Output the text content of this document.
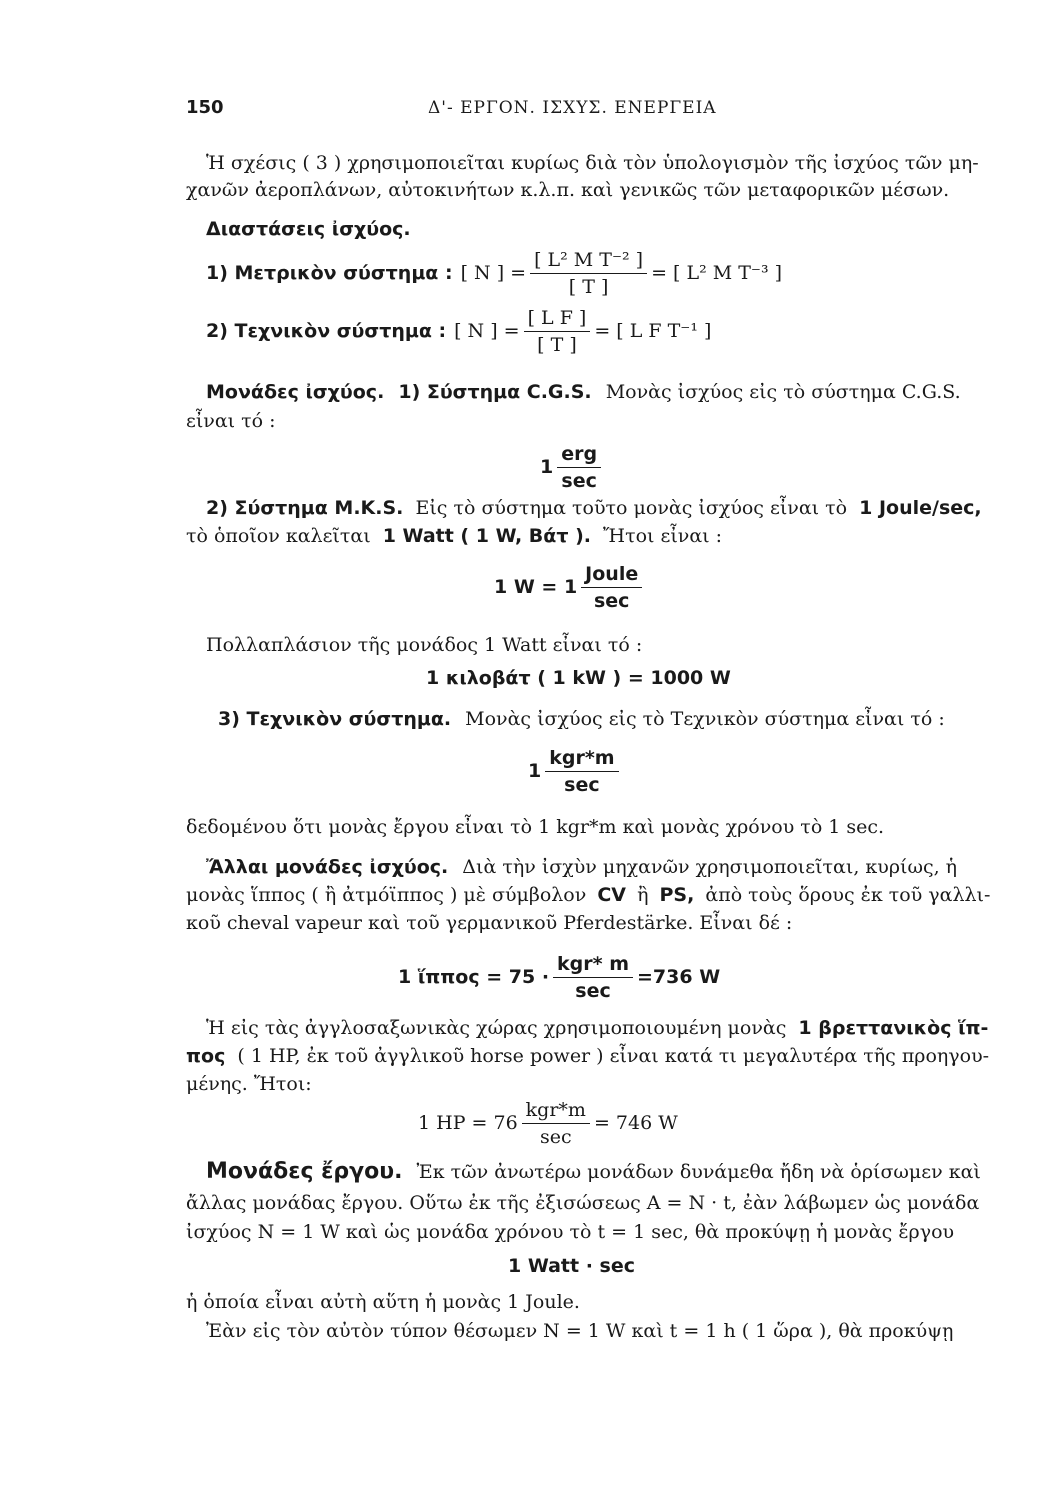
150	Δ'- ΕΡΓΟΝ. ΙΣΧΥΣ. ΕΝΕΡΓΕΙΑ
Ἡ σχέσις ( 3 ) χρησιμοποιεῖται κυρίως διὰ τὸν ὑπολογισμὸν τῆς ἰσχύος τῶν μη-
χανῶν ἀεροπλάνων, αὐτοκινήτων κ.λ.π. καὶ γενικῶς τῶν μεταφορικῶν μέσων.
Διαστάσεις ἰσχύος.
1) Μετρικὸν σύστημα : [ N ] = $\frac{\text{[ L² M T⁻² ]}}{[ T ]}$ = [ L² M T⁻³ ]
2) Τεχνικὸν σύστημα : [ N ] = $\frac{\text{[ L F ]}}{[ T ]}$ = [ L F T⁻¹ ]
Μονάδες ἰσχύος. 1) Σύστημα C.G.S. Μονὰς ἰσχύος εἰς τὸ σύστημα C.G.S.
εἶναι τό :
$1 \frac{\text{erg}}{\sec}$
2) Σύστημα M.K.S. Εἰς τὸ σύστημα τοῦτο μονὰς ἰσχύος εἶναι τὸ 1 Joule/sec,
τὸ ὁποῖον καλεῖται 1 Watt ( 1 W, Βάτ ). Ἤτοι εἶναι :
1 $W = 1 \frac{\text{Joule}}{\sec}$
Πολλαπλάσιον τῆς μονάδος 1 Watt εἶναι τό :
1 κιλοβάτ ( 1 kW ) = 1000 W
3) Τεχνικὸν σύστημα. Μονὰς ἰσχύος εἰς τὸ Τεχνικὸν σύστημα εἶναι τό :
$1 \frac{\text{kgr*m}}{\sec}$
δεδομένου ὅτι μονὰς ἔργου εἶναι τὸ 1 kgr*m καὶ μονὰς χρόνου τὸ 1 sec.
Ἄλλαι μονάδες ἰσχύος. Διὰ τὴν ἰσχὺν μηχανῶν χρησιμοποιεῖται, κυρίως, ἡ
μονὰς ἵππος ( ἢ ἀτμόϊππος ) μὲ σύμβολον CV ἢ PS, ἀπὸ τοὺς ὅρους ἐκ τοῦ γαλλι-
κοῦ cheval vapeur καὶ τοῦ γερμανικοῦ Pferdestärke. Εἶναι δέ :
1 ἵππος = $75 \cdot \frac{\text{kgr* m}}{\sec} =736$ W
Ἡ εἰς τὰς ἀγγλοσαξωνικὰς χώρας χρησιμοποιουμένη μονὰς 1 βρεττανικὸς ἵπ-
πος ( 1 HP, ἐκ τοῦ ἀγγλικοῦ horse power ) εἶναι κατά τι μεγαλυτέρα τῆς προηγου-
μένης. Ἤτοι:
1 HP = $76 \frac{\text{kgr*m}}{\sec} = 746$ W
Μονάδες ἔργου. Ἐκ τῶν ἀνωτέρω μονάδων δυνάμεθα ἤδη νὰ ὁρίσωμεν καὶ
ἄλλας μονάδας ἔργου. Οὕτω ἐκ τῆς ἐξισώσεως A = N · t, ἐὰν λάβωμεν ὡς μονάδα
ἰσχύος N = 1 W καὶ ὡς μονάδα χρόνου τὸ t = 1 sec, θὰ προκύψῃ ἡ μονὰς ἔργου
1 Watt · sec
ἡ ὁποία εἶναι αὐτὴ αὕτη ἡ μονὰς 1 Joule.
Ἐὰν εἰς τὸν αὐτὸν τύπον θέσωμεν N = 1 W καὶ t = 1 h ( 1 ὥρα ), θὰ προκύψῃ
